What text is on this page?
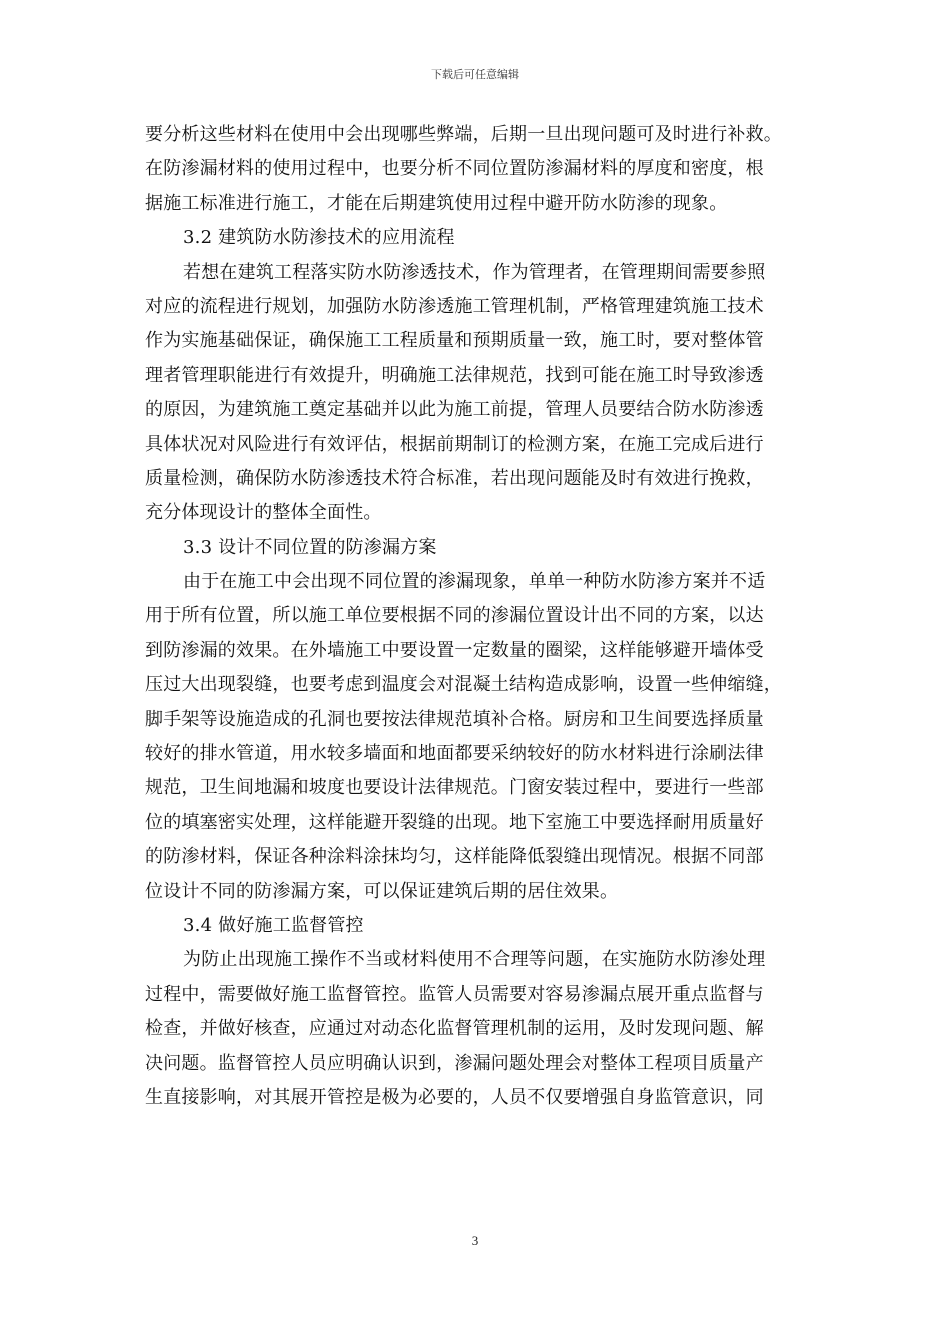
下载后可任意编辑
要分析这些材料在使用中会出现哪些弊端，后期一旦出现问题可及时进行补救。
在防渗漏材料的使用过程中，也要分析不同位置防渗漏材料的厚度和密度，根
据施工标准进行施工，才能在后期建筑使用过程中避开防水防渗的现象。
3.2 建筑防水防渗技术的应用流程
若想在建筑工程落实防水防渗透技术，作为管理者，在管理期间需要参照
对应的流程进行规划，加强防水防渗透施工管理机制，严格管理建筑施工技术
作为实施基础保证，确保施工工程质量和预期质量一致，施工时，要对整体管
理者管理职能进行有效提升，明确施工法律规范，找到可能在施工时导致渗透
的原因，为建筑施工奠定基础并以此为施工前提，管理人员要结合防水防渗透
具体状况对风险进行有效评估，根据前期制订的检测方案，在施工完成后进行
质量检测，确保防水防渗透技术符合标准，若出现问题能及时有效进行挽救，
充分体现设计的整体全面性。
3.3 设计不同位置的防渗漏方案
由于在施工中会出现不同位置的渗漏现象，单单一种防水防渗方案并不适
用于所有位置，所以施工单位要根据不同的渗漏位置设计出不同的方案，以达
到防渗漏的效果。在外墙施工中要设置一定数量的圈梁，这样能够避开墙体受
压过大出现裂缝，也要考虑到温度会对混凝土结构造成影响，设置一些伸缩缝，
脚手架等设施造成的孔洞也要按法律规范填补合格。厨房和卫生间要选择质量
较好的排水管道，用水较多墙面和地面都要采纳较好的防水材料进行涂刷法律
规范，卫生间地漏和坡度也要设计法律规范。门窗安装过程中，要进行一些部
位的填塞密实处理，这样能避开裂缝的出现。地下室施工中要选择耐用质量好
的防渗材料，保证各种涂料涂抹均匀，这样能降低裂缝出现情况。根据不同部
位设计不同的防渗漏方案，可以保证建筑后期的居住效果。
3.4 做好施工监督管控
为防止出现施工操作不当或材料使用不合理等问题，在实施防水防渗处理
过程中，需要做好施工监督管控。监管人员需要对容易渗漏点展开重点监督与
检查，并做好核查，应通过对动态化监督管理机制的运用，及时发现问题、解
决问题。监督管控人员应明确认识到，渗漏问题处理会对整体工程项目质量产
生直接影响，对其展开管控是极为必要的，人员不仅要增强自身监管意识，同
3
